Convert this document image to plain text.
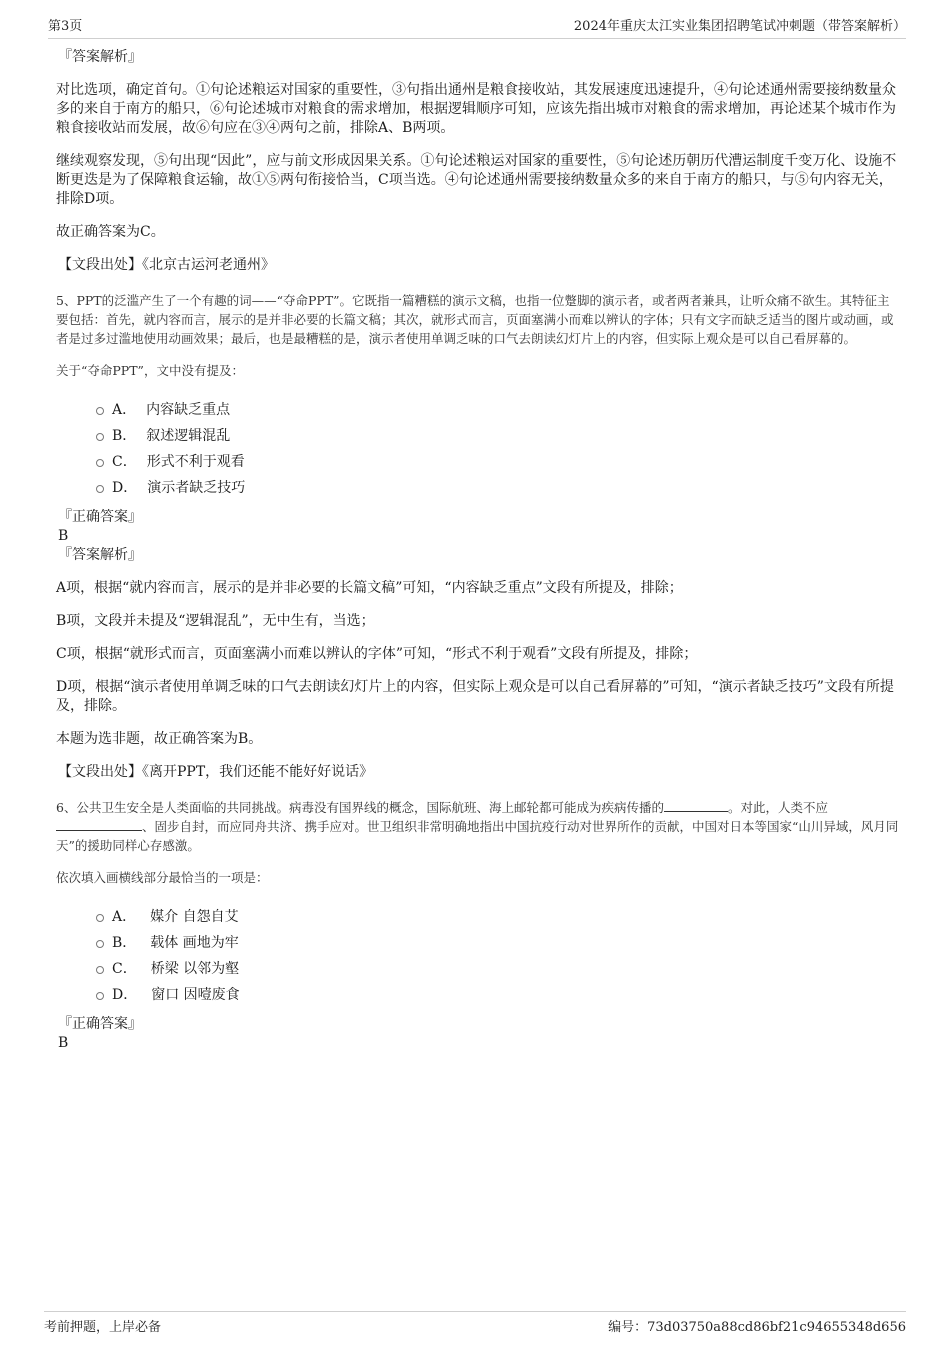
第3页	2024年重庆太江实业集团招聘笔试冲刺题（带答案解析）
『答案解析』

对比选项，确定首句。①句论述粮运对国家的重要性，③句指出通州是粮食接收站，其发展速度迅速提升，④句论述通州需要接纳数量众多的来自于南方的船只，⑥句论述城市对粮食的需求增加，根据逻辑顺序可知，应该先指出城市对粮食的需求增加，再论述某个城市作为粮食接收站而发展，故⑥句应在③④两句之前，排除A、B两项。

继续观察发现，⑤句出现“因此”，应与前文形成因果关系。①句论述粮运对国家的重要性，⑤句论述历朝历代漕运制度千变万化、设施不断更迭是为了保障粮食运输，故①⑤两句衔接恰当，C项当选。④句论述通州需要接纳数量众多的来自于南方的船只，与⑤句内容无关，排除D项。

故正确答案为C。

【文段出处】《北京古运河老通州》

5、PPT的泛滥产生了一个有趣的词——“夺命PPT”。它既指一篇糟糕的演示文稿，也指一位蹩脚的演示者，或者两者兼具，让听众痛不欲生。其特征主要包括：首先，就内容而言，展示的是并非必要的长篇文稿；其次，就形式而言，页面塞满小而难以辨认的字体；只有文字而缺乏适当的图片或动画，或者是过多过滥地使用动画效果；最后，也是最糟糕的是，演示者使用单调乏味的口气去朗读幻灯片上的内容，但实际上观众是可以自己看屏幕的。

关于“夺命PPT”，文中没有提及：

A． 内容缺乏重点
B． 叙述逻辑混乱
C． 形式不利于观看
D． 演示者缺乏技巧
『正确答案』
B
『答案解析』

A项，根据“就内容而言，展示的是并非必要的长篇文稿”可知，“内容缺乏重点”文段有所提及，排除；

B项，文段并未提及“逻辑混乱”，无中生有，当选；

C项，根据“就形式而言，页面塞满小而难以辨认的字体”可知，“形式不利于观看”文段有所提及，排除；

D项，根据“演示者使用单调乏味的口气去朗读幻灯片上的内容，但实际上观众是可以自己看屏幕的”可知，“演示者缺乏技巧”文段有所提及，排除。

本题为选非题，故正确答案为B。

【文段出处】《离开PPT，我们还能不能好好说话》

6、公共卫生安全是人类面临的共同挑战。病毒没有国界线的概念，国际航班、海上邮轮都可能成为疾病传播的	。对此，人类不应、固步自封，而应同舟共济、携手应对。世卫组织非常明确地指出中国抗疫行动对世界所作的贡献，中国对日本等国家“山川异域，风月同天”的援助同样心存感激。

依次填入画横线部分最恰当的一项是：

A． 媒介 自怨自艾
B． 载体 画地为牢
C． 桥梁 以邻为壑
D． 窗口 因噎废食
『正确答案』
B
考前押题，上岸必备	编号：73d03750a88cd86bf21c94655348d656
